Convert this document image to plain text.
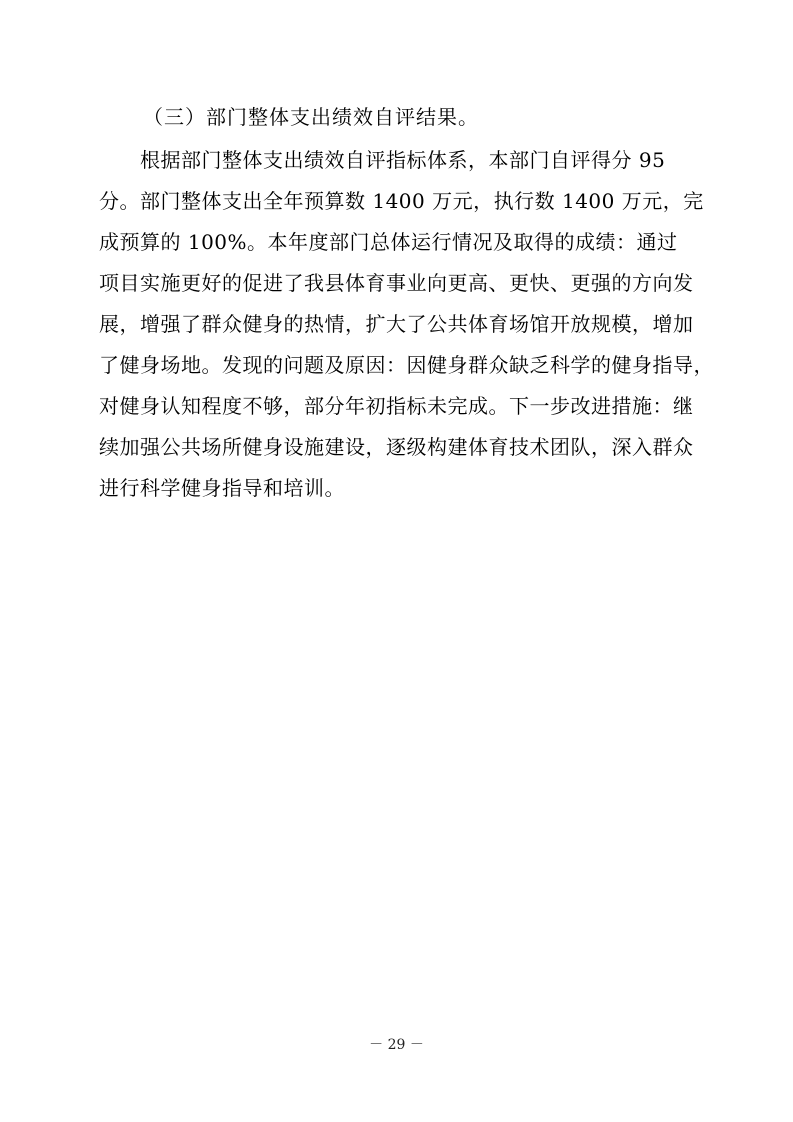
（三）部门整体支出绩效自评结果。
　　根据部门整体支出绩效自评指标体系，本部门自评得分 95
分。部门整体支出全年预算数 1400 万元，执行数 1400 万元，完
成预算的 100%。本年度部门总体运行情况及取得的成绩：通过
项目实施更好的促进了我县体育事业向更高、更快、更强的方向发
展，增强了群众健身的热情，扩大了公共体育场馆开放规模，增加
了健身场地。发现的问题及原因：因健身群众缺乏科学的健身指导，
对健身认知程度不够，部分年初指标未完成。下一步改进措施：继
续加强公共场所健身设施建设，逐级构建体育技术团队，深入群众
进行科学健身指导和培训。
－ 29 －
